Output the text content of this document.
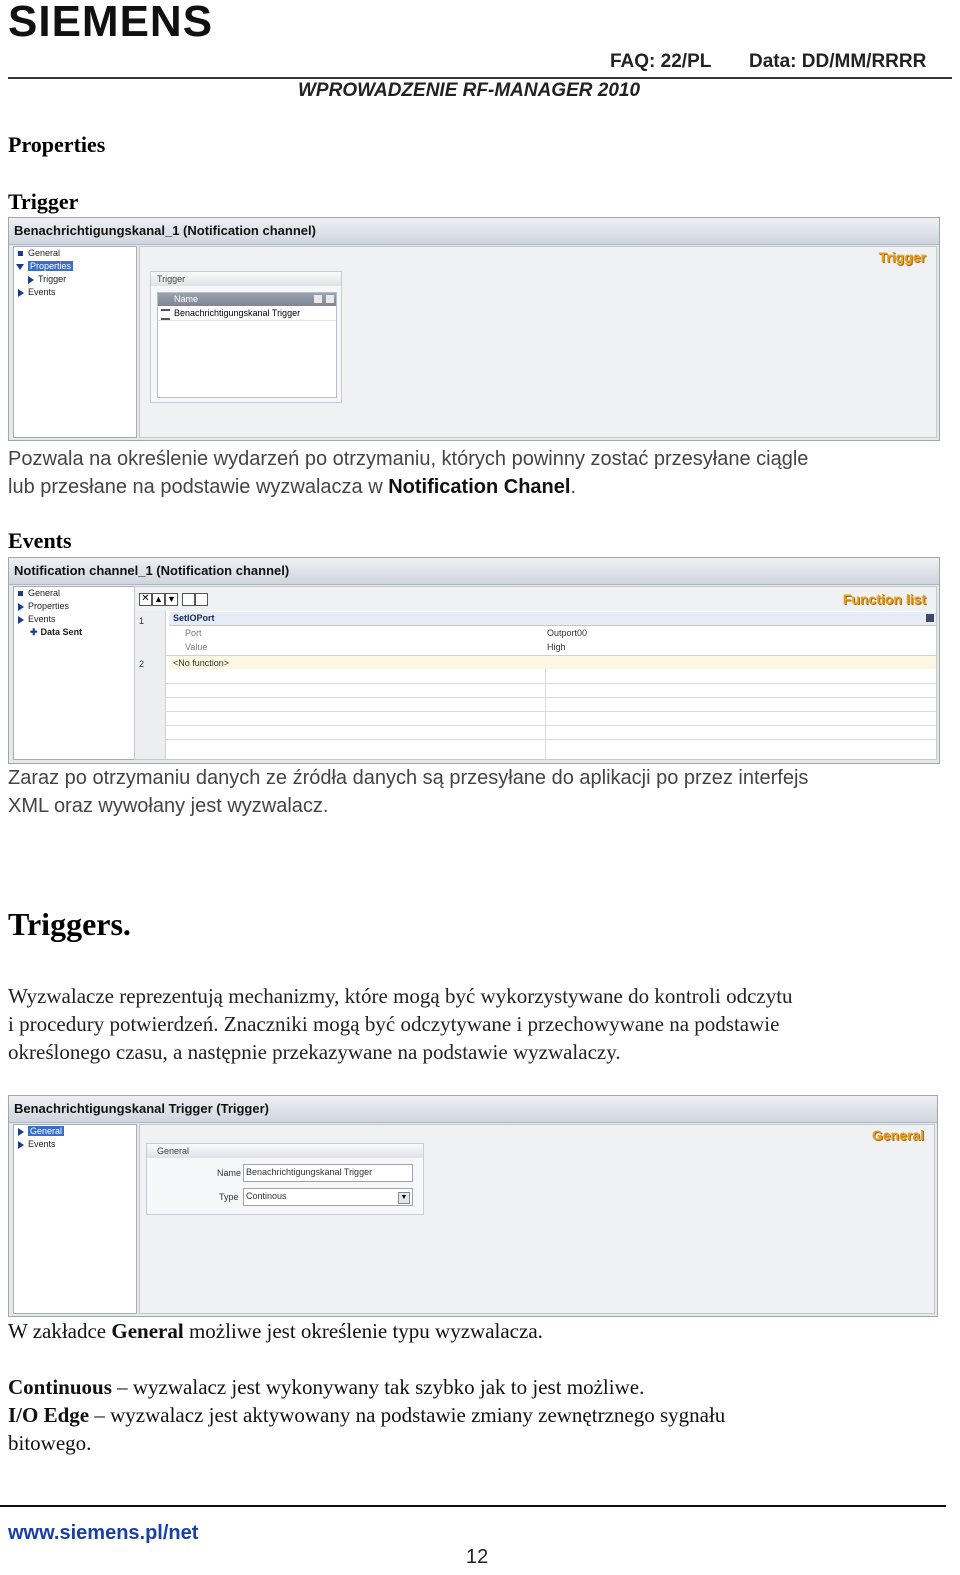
SIEMENS
FAQ: 22/PL Data: DD/MM/RRRR
WPROWADZENIE RF-MANAGER 2010
Properties
Trigger
Benachrichtigungskanal_1 (Notification channel)
General
Properties
Trigger
Events
Trigger
Trigger
Name
Benachrichtigungskanal Trigger
Pozwala na określenie wydarzeń po otrzymaniu, których powinny zostać przesyłane ciągle
lub przesłane na podstawie wyzwalacza w Notification Chanel.
Events
Notification channel_1 (Notification channel)
General
Properties
Events
✚ Data Sent
✕ ▲ ▼	Function list
1	SetIOPort
Port	Outport00
Value	High
2	<No function>
Zaraz po otrzymaniu danych ze źródła danych są przesyłane do aplikacji po przez interfejs
XML oraz wywołany jest wyzwalacz.
Triggers.
Wyzwalacze reprezentują mechanizmy, które mogą być wykorzystywane do kontroli odczytu
i procedury potwierdzeń. Znaczniki mogą być odczytywane i przechowywane na podstawie
określonego czasu, a następnie przekazywane na podstawie wyzwalaczy.
Benachrichtigungskanal Trigger (Trigger)
General
Events
General
General
Name Benachrichtigungskanal Trigger
Type Continous	▼
W zakładce General możliwe jest określenie typu wyzwalacza.
Continuous – wyzwalacz jest wykonywany tak szybko jak to jest możliwe.
I/O Edge – wyzwalacz jest aktywowany na podstawie zmiany zewnętrznego sygnału
bitowego.
www.siemens.pl/net
12
